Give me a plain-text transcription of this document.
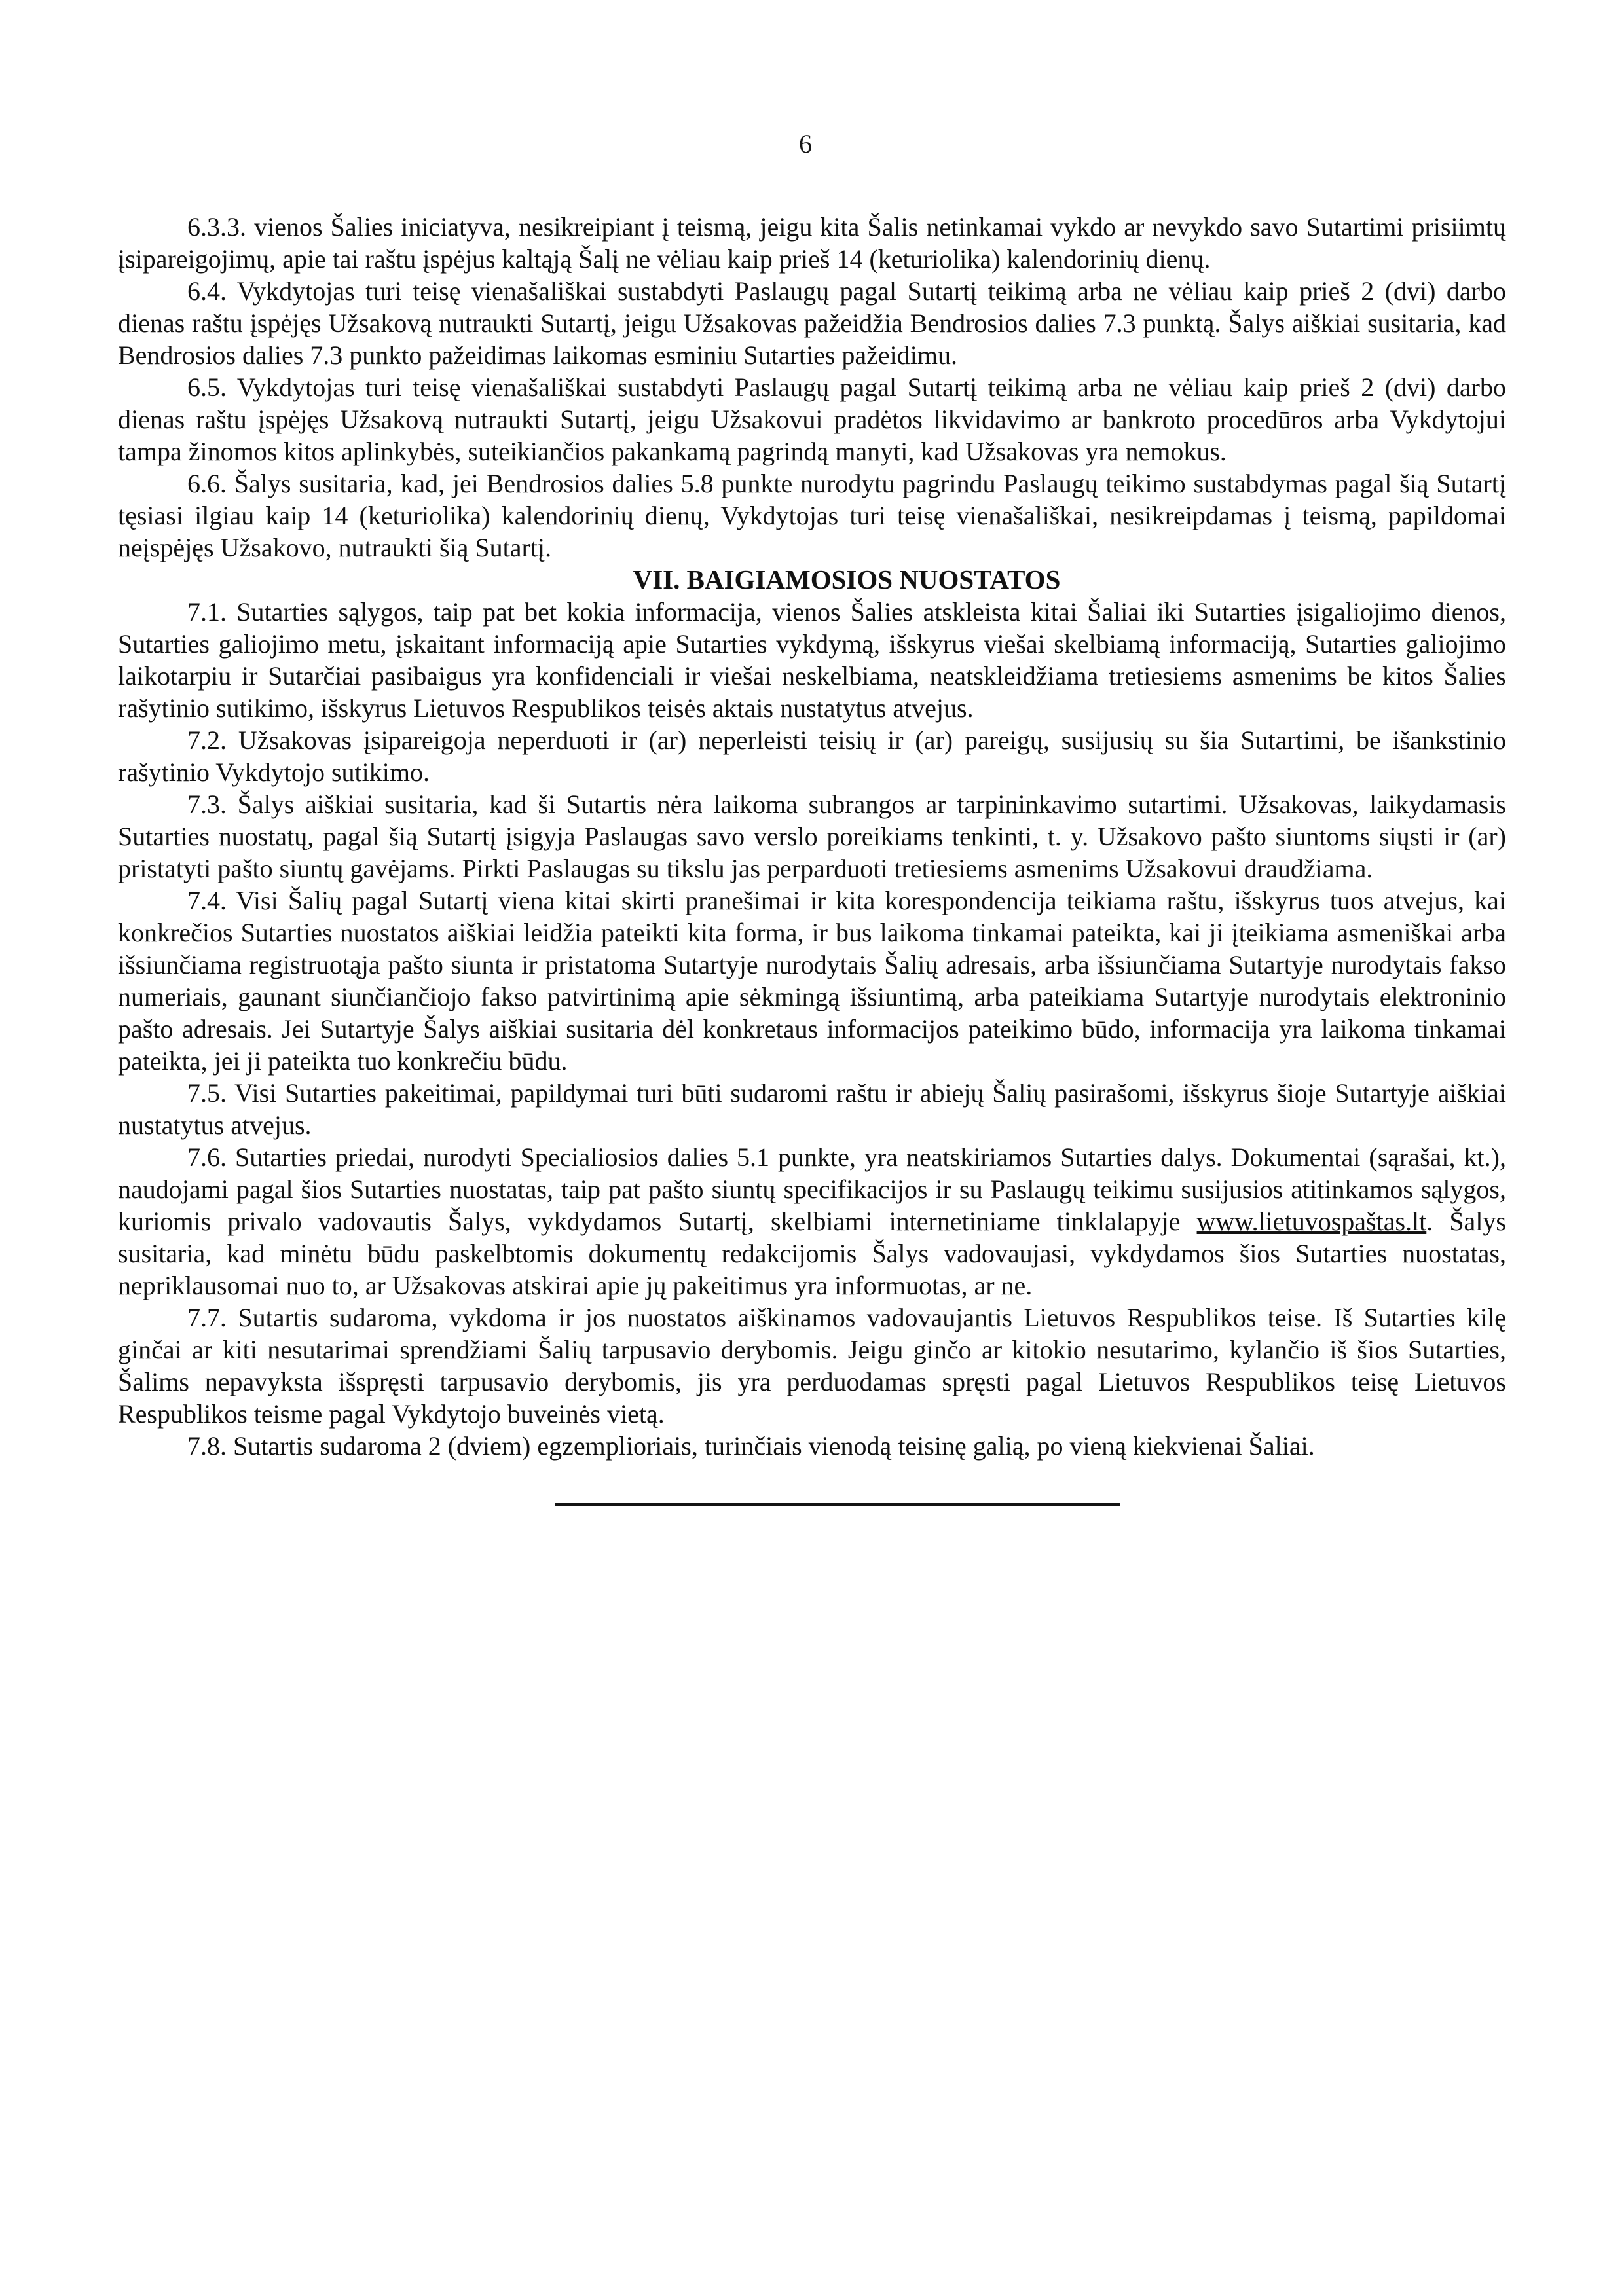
6

6.3.3. vienos Šalies iniciatyva, nesikreipiant į teismą, jeigu kita Šalis netinkamai vykdo ar nevykdo savo Sutartimi prisiimtų įsipareigojimų, apie tai raštu įspėjus kaltąją Šalį ne vėliau kaip prieš 14 (keturiolika) kalendorinių dienų.

6.4. Vykdytojas turi teisę vienašališkai sustabdyti Paslaugų pagal Sutartį teikimą arba ne vėliau kaip prieš 2 (dvi) darbo dienas raštu įspėjęs Užsakovą nutraukti Sutartį, jeigu Užsakovas pažeidžia Bendrosios dalies 7.3 punktą. Šalys aiškiai susitaria, kad Bendrosios dalies 7.3 punkto pažeidimas laikomas esminiu Sutarties pažeidimu.

6.5. Vykdytojas turi teisę vienašališkai sustabdyti Paslaugų pagal Sutartį teikimą arba ne vėliau kaip prieš 2 (dvi) darbo dienas raštu įspėjęs Užsakovą nutraukti Sutartį, jeigu Užsakovui pradėtos likvidavimo ar bankroto procedūros arba Vykdytojui tampa žinomos kitos aplinkybės, suteikiančios pakankamą pagrindą manyti, kad Užsakovas yra nemokus.

6.6. Šalys susitaria, kad, jei Bendrosios dalies 5.8 punkte nurodytu pagrindu Paslaugų teikimo sustabdymas pagal šią Sutartį tęsiasi ilgiau kaip 14 (keturiolika) kalendorinių dienų, Vykdytojas turi teisę vienašališkai, nesikreipdamas į teismą, papildomai neįspėjęs Užsakovo, nutraukti šią Sutartį.

VII. BAIGIAMOSIOS NUOSTATOS

7.1. Sutarties sąlygos, taip pat bet kokia informacija, vienos Šalies atskleista kitai Šaliai iki Sutarties įsigaliojimo dienos, Sutarties galiojimo metu, įskaitant informaciją apie Sutarties vykdymą, išskyrus viešai skelbiamą informaciją, Sutarties galiojimo laikotarpiu ir Sutarčiai pasibaigus yra konfidenciali ir viešai neskelbiama, neatskleidžiama tretiesiems asmenims be kitos Šalies rašytinio sutikimo, išskyrus Lietuvos Respublikos teisės aktais nustatytus atvejus.

7.2. Užsakovas įsipareigoja neperduoti ir (ar) neperleisti teisių ir (ar) pareigų, susijusių su šia Sutartimi, be išankstinio rašytinio Vykdytojo sutikimo.

7.3. Šalys aiškiai susitaria, kad ši Sutartis nėra laikoma subrangos ar tarpininkavimo sutartimi. Užsakovas, laikydamasis Sutarties nuostatų, pagal šią Sutartį įsigyja Paslaugas savo verslo poreikiams tenkinti, t. y. Užsakovo pašto siuntoms siųsti ir (ar) pristatyti pašto siuntų gavėjams. Pirkti Paslaugas su tikslu jas perparduoti tretiesiems asmenims Užsakovui draudžiama.

7.4. Visi Šalių pagal Sutartį viena kitai skirti pranešimai ir kita korespondencija teikiama raštu, išskyrus tuos atvejus, kai konkrečios Sutarties nuostatos aiškiai leidžia pateikti kita forma, ir bus laikoma tinkamai pateikta, kai ji įteikiama asmeniškai arba išsiunčiama registruotąja pašto siunta ir pristatoma Sutartyje nurodytais Šalių adresais, arba išsiunčiama Sutartyje nurodytais fakso numeriais, gaunant siunčiančiojo fakso patvirtinimą apie sėkmingą išsiuntimą, arba pateikiama Sutartyje nurodytais elektroninio pašto adresais. Jei Sutartyje Šalys aiškiai susitaria dėl konkretaus informacijos pateikimo būdo, informacija yra laikoma tinkamai pateikta, jei ji pateikta tuo konkrečiu būdu.

7.5. Visi Sutarties pakeitimai, papildymai turi būti sudaromi raštu ir abiejų Šalių pasirašomi, išskyrus šioje Sutartyje aiškiai nustatytus atvejus.

7.6. Sutarties priedai, nurodyti Specialiosios dalies 5.1 punkte, yra neatskiriamos Sutarties dalys. Dokumentai (sąrašai, kt.), naudojami pagal šios Sutarties nuostatas, taip pat pašto siuntų specifikacijos ir su Paslaugų teikimu susijusios atitinkamos sąlygos, kuriomis privalo vadovautis Šalys, vykdydamos Sutartį, skelbiami internetiniame tinklalapyje www.lietuvospaštas.lt. Šalys susitaria, kad minėtu būdu paskelbtomis dokumentų redakcijomis Šalys vadovaujasi, vykdydamos šios Sutarties nuostatas, nepriklausomai nuo to, ar Užsakovas atskirai apie jų pakeitimus yra informuotas, ar ne.

7.7. Sutartis sudaroma, vykdoma ir jos nuostatos aiškinamos vadovaujantis Lietuvos Respublikos teise. Iš Sutarties kilę ginčai ar kiti nesutarimai sprendžiami Šalių tarpusavio derybomis. Jeigu ginčo ar kitokio nesutarimo, kylančio iš šios Sutarties, Šalims nepavyksta išspręsti tarpusavio derybomis, jis yra perduodamas spręsti pagal Lietuvos Respublikos teisę Lietuvos Respublikos teisme pagal Vykdytojo buveinės vietą.

7.8. Sutartis sudaroma 2 (dviem) egzemplioriais, turinčiais vienodą teisinę galią, po vieną kiekvienai Šaliai.
